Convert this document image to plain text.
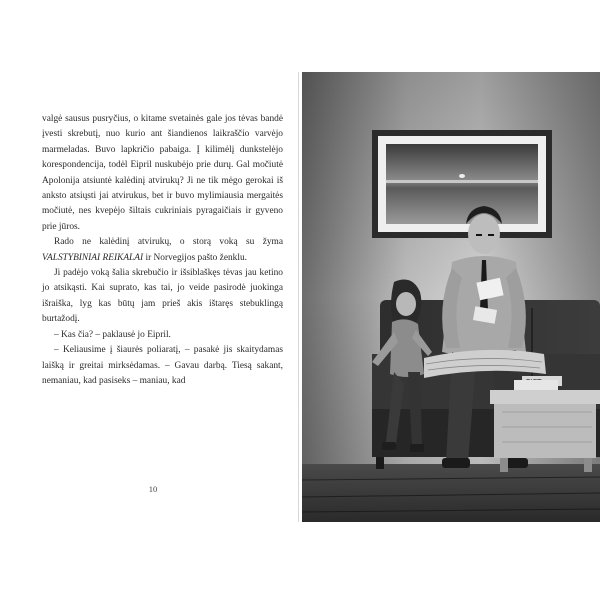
valgė sausus pusryčius, o kitame svetainės gale jos tėvas bandė įvesti skrebutį, nuo kurio ant šiandienos laikraščio varvėjo marmeladas. Buvo lapkričio pabaiga. Į kilimėlį dunkstelėjo korespondencija, todėl Eipril nuskubėjo prie durų. Gal močiutė Apolonija atsiuntė kalėdinį atvirukų? Ji ne tik mėgo gerokai iš anksto atsiųsti jai atvirukus, bet ir buvo mylimiausia mergaitės močiutė, nes kvepėjo šiltais cukriniais pyragaičiais ir gyveno prie jūros.

Rado ne kalėdinį atvirukų, o storą voką su žyma VALSTYBINIAI REIKALAI ir Norvegijos pašto ženklu.

Ji padėjo voką šalia skrebučio ir išsiblaškęs tėvas jau ketino jo atsikąsti. Kai suprato, kas tai, jo veide pasirodė juokinga išraiška, lyg kas būtų jam prieš akis ištaręs stebuklingą burtažodį.

– Kas čia? – paklausė jo Eipril.

– Keliausime į šiaurės poliaratį, – pasakė jis skaitydamas laišką ir greitai mirksėdamas. – Gavau darbą. Tiesą sakant, nemaniau, kad pasiseks – maniau, kad

10
